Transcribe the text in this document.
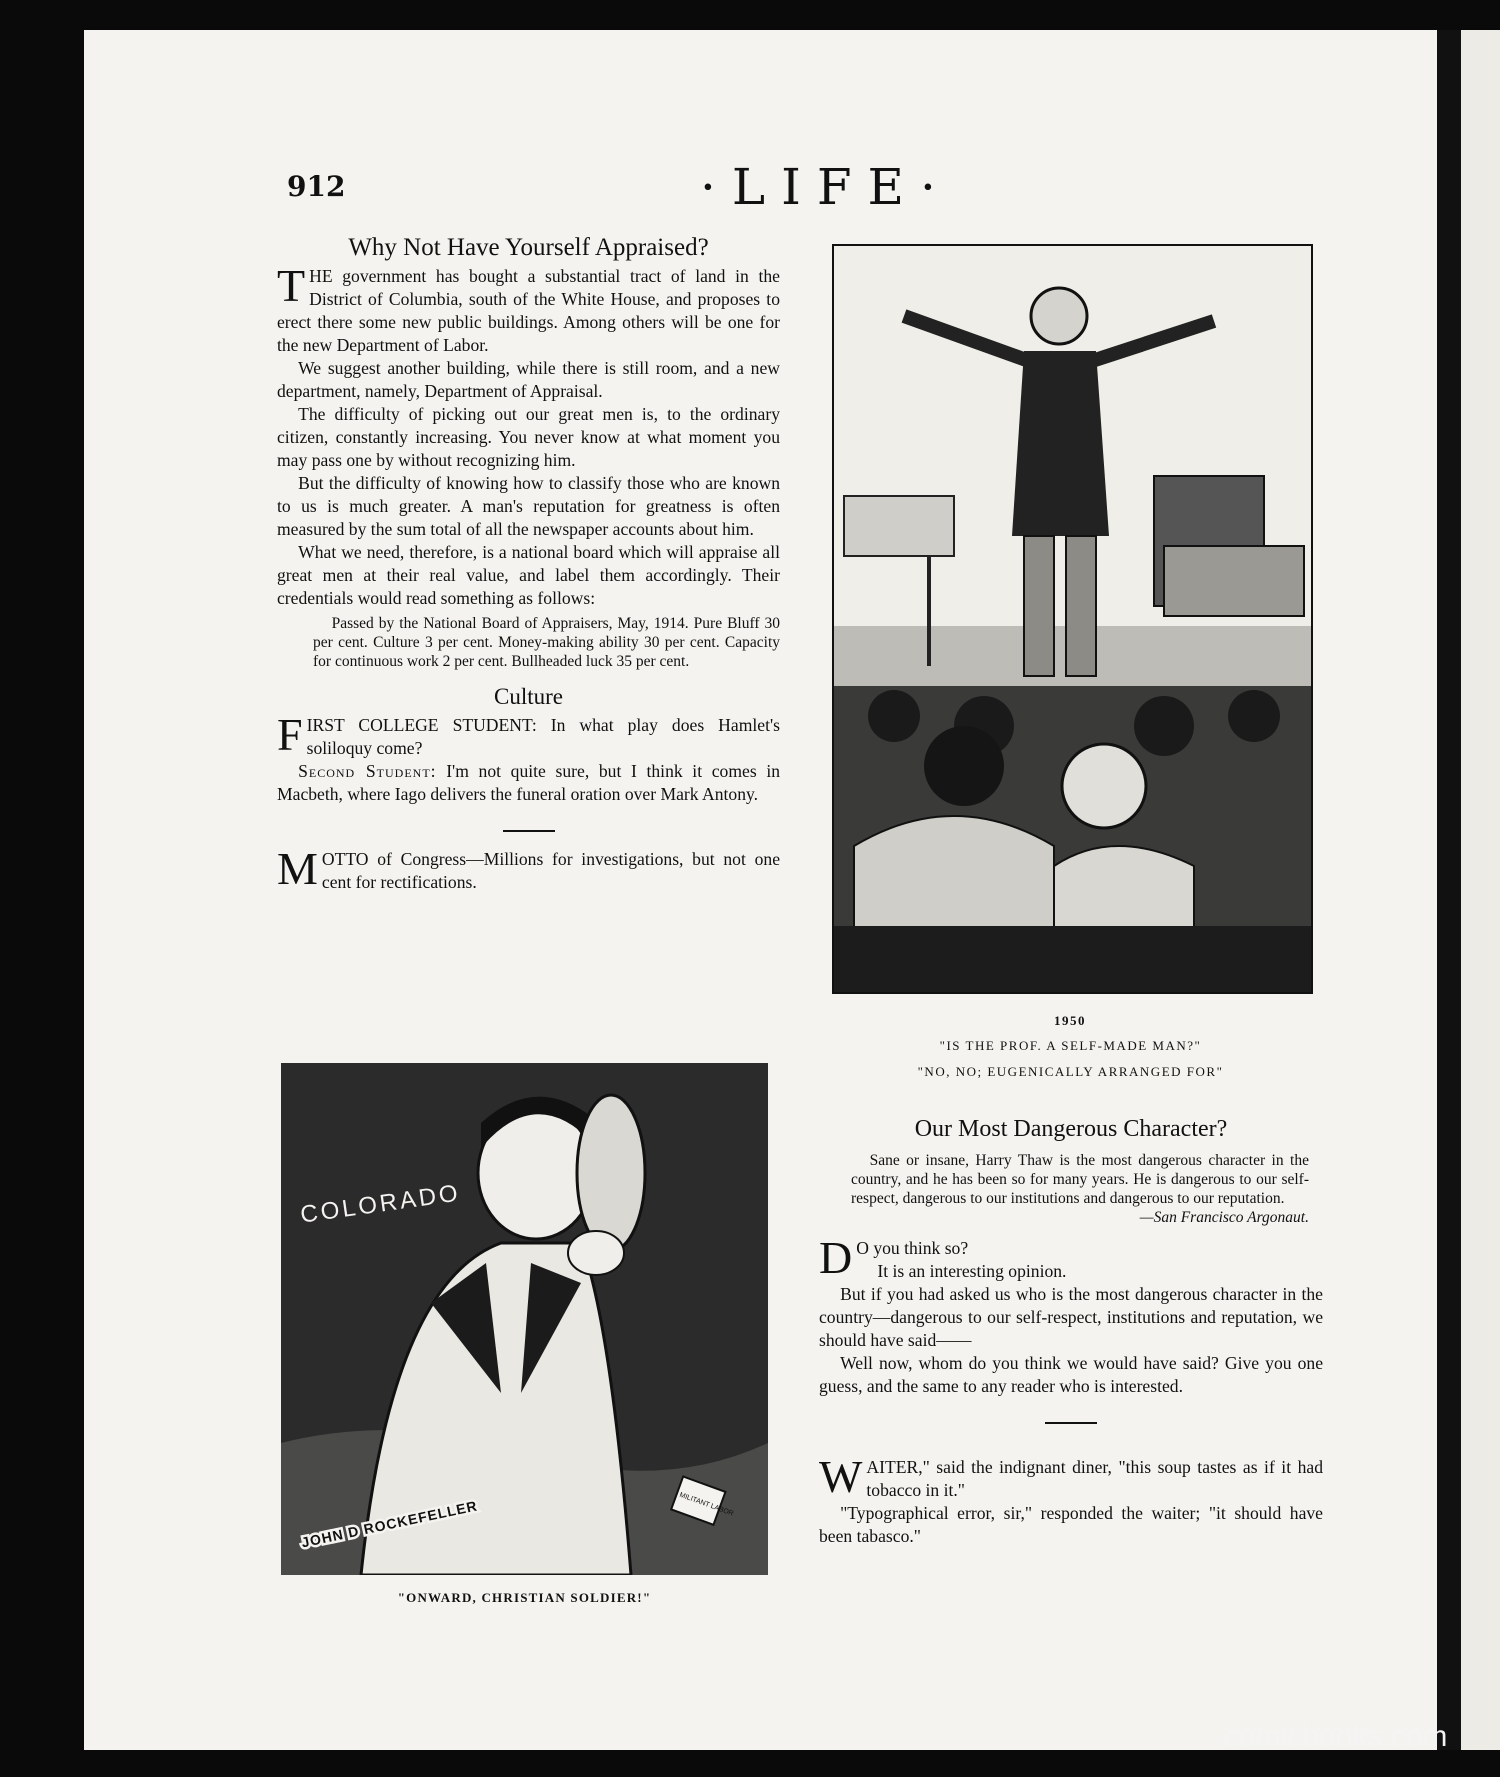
912	·LIFE·
Why Not Have Yourself Appraised?

THE government has bought a substantial tract of land in the District of Columbia, south of the White House, and proposes to erect there some new public buildings. Among others will be one for the new Department of Labor.

We suggest another building, while there is still room, and a new department, namely, Department of Appraisal.

The difficulty of picking out our great men is, to the ordinary citizen, constantly increasing. You never know at what moment you may pass one by without recognizing him.

But the difficulty of knowing how to classify those who are known to us is much greater. A man's reputation for greatness is often measured by the sum total of all the newspaper accounts about him.

What we need, therefore, is a national board which will appraise all great men at their real value, and label them accordingly. Their credentials would read something as follows:

Passed by the National Board of Appraisers, May, 1914. Pure Bluff 30 per cent. Culture 3 per cent. Money-making ability 30 per cent. Capacity for continuous work 2 per cent. Bullheaded luck 35 per cent.

Culture

FIRST COLLEGE STUDENT: In what play does Hamlet's soliloquy come?

Second Student: I'm not quite sure, but I think it comes in Macbeth, where Iago delivers the funeral oration over Mark Antony.

MOTTO of Congress—Millions for investigations, but not one cent for rectifications.

1950
"IS THE PROF. A SELF-MADE MAN?"
"NO, NO; EUGENICALLY ARRANGED FOR"
COLORADO
JOHN D ROCKEFELLER	MILITANT LABOR
"ONWARD, CHRISTIAN SOLDIER!"
Our Most Dangerous Character?

Sane or insane, Harry Thaw is the most dangerous character in the country, and he has been so for many years. He is dangerous to our self-respect, dangerous to our institutions and dangerous to our reputation.

—San Francisco Argonaut.

D O you think so?

It is an interesting opinion.

But if you had asked us who is the most dangerous character in the country—dangerous to our self-respect, institutions and reputation, we should have said——

Well now, whom do you think we would have said? Give you one guess, and the same to any reader who is interested.

WAITER," said the indignant diner, "this soup tastes as if it had tobacco in it."

"Typographical error, sir," responded the waiter; "it should have been tabasco."

comicbooks.com
